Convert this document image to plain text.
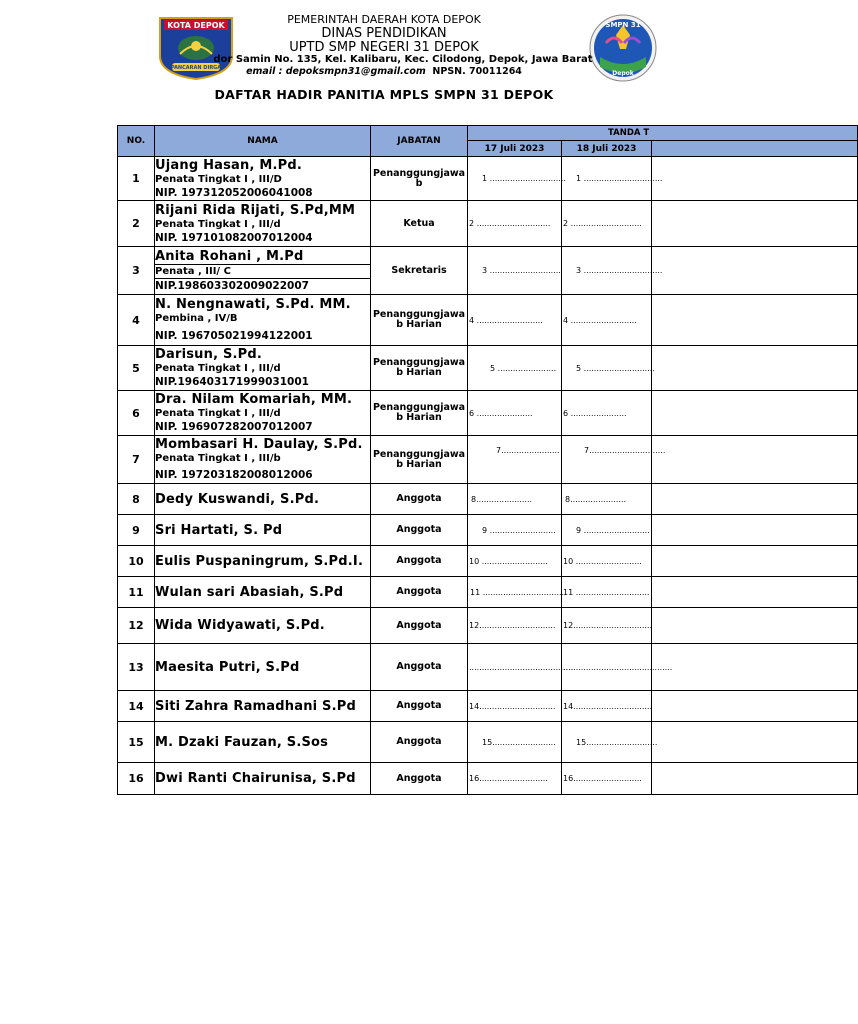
KOTA DEPOK
PANCARAN DIRGA
SMPN 31
Depok
PEMERINTAH DAERAH KOTA DEPOK
DINAS PENDIDIKAN
UPTD SMP NEGERI 31 DEPOK
dor Samin No. 135, Kel. Kalibaru, Kec. Cilodong, Depok, Jawa Barat
email : depoksmpn31@gmail.com NPSN. 70011264
DAFTAR HADIR PANITIA MPLS SMPN 31 DEPOK
NO.	NAMA	JABATAN	TANDA T		
			17 Juli 2023	18 Juli 2023	
1	Ujang Hasan, M.Pd.
Penata Tingkat I , III/D
NIP. 197312052006041008	Penanggungjawa b	1 ..............................	1 ...............................	
2	Rijani Rida Rijati, S.Pd,MM
Penata Tingkat I , III/d
NIP. 197101082007012004	Ketua	2 .............................	2 ............................	
3	Anita Rohani , M.Pd
Penata , III/ C
NIP.198603302009022007	Sekretaris	3 ............................	3 ...............................	
4	N. Nengnawati, S.Pd. MM.
Pembina , IV/B
NIP. 196705021994122001	Penanggungjawa b Harian	4 ..........................	4 ..........................	
5	Darisun, S.Pd.
Penata Tingkat I , III/d
NIP.196403171999031001	Penanggungjawa b Harian	5 .......................	5 ............................	
6	Dra. Nilam Komariah, MM.
Penata Tingkat I , III/d
NIP. 196907282007012007	Penanggungjawa b Harian	6 ......................	6 ......................	
7	Mombasari H. Daulay, S.Pd.
Penata Tingkat I , III/b
NIP. 197203182008012006	Penanggungjawa b Harian	7.......................	7..............................	
8	Dedy Kuswandi, S.Pd.	Anggota	8......................	8......................	
9	Sri Hartati, S. Pd	Anggota	9 ..........................	9 ..........................	
10	Eulis Puspaningrum, S.Pd.I.	Anggota	10 ..........................	10 ..........................	
11	Wulan sari Abasiah, S.Pd	Anggota	11 ................................	11 .............................	
12	Wida Widyawati, S.Pd.	Anggota	12..............................	12...............................	
13	Maesita Putri, S.Pd	Anggota	.........................................	...........................................	
14	Siti Zahra Ramadhani S.Pd	Anggota	14..............................	14...............................	
15	M. Dzaki Fauzan, S.Sos	Anggota	15.........................	15............................	
16	Dwi Ranti Chairunisa, S.Pd	Anggota	16...........................	16...........................	
